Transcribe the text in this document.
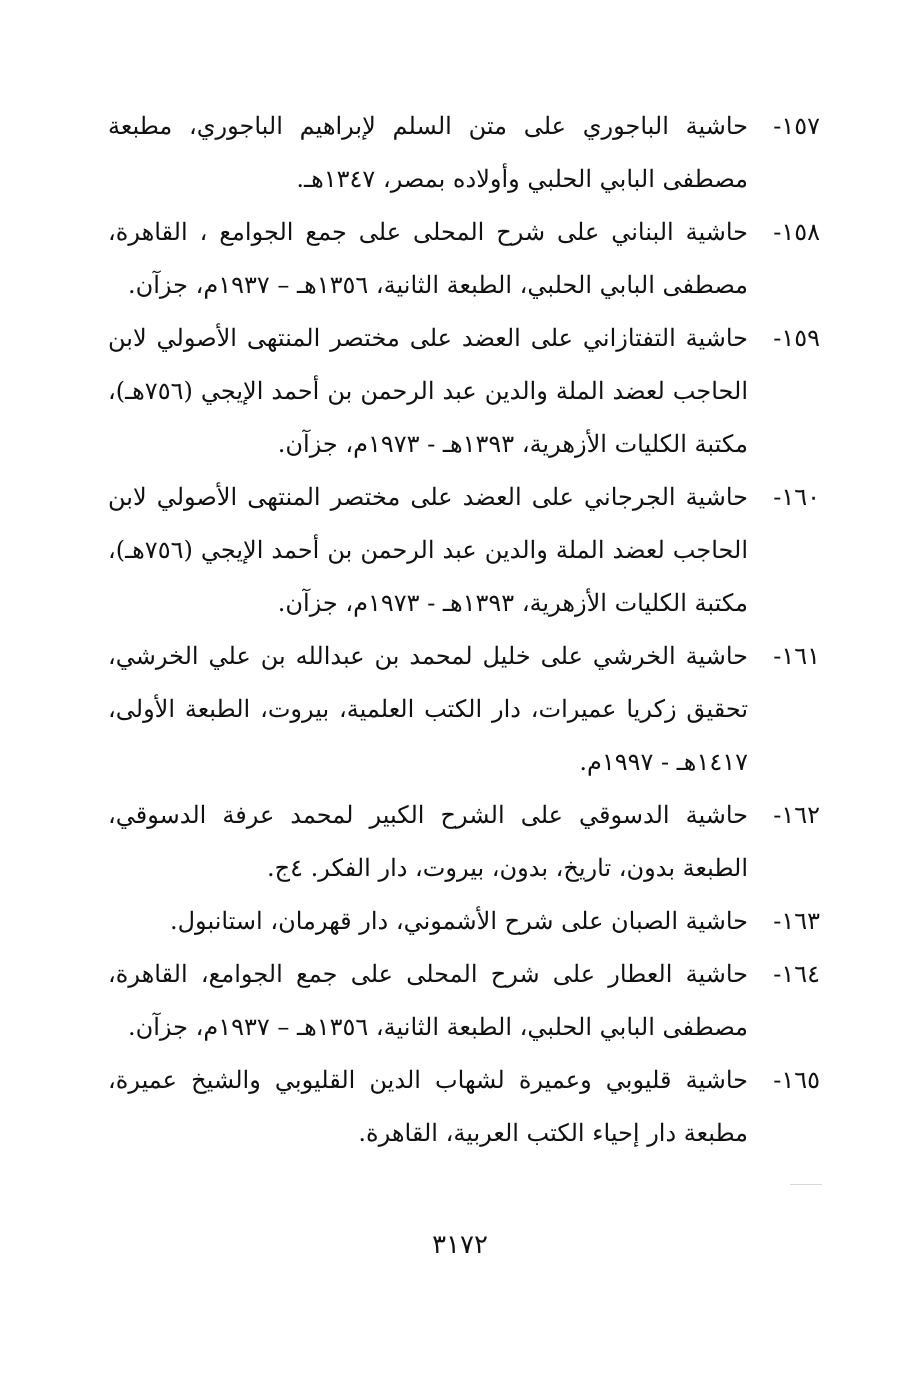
١٥٧-
حاشية الباجوري على متن السلم لإبراهيم الباجوري، مطبعة مصطفى البابي الحلبي وأولاده بمصر، ١٣٤٧هـ.
١٥٨-
حاشية البناني على شرح المحلى على جمع الجوامع ، القاهرة، مصطفى البابي الحلبي، الطبعة الثانية، ١٣٥٦هـ – ١٩٣٧م، جزآن.
١٥٩-
حاشية التفتازاني على العضد على مختصر المنتهى الأصولي لابن الحاجب لعضد الملة والدين عبد الرحمن بن أحمد الإيجي (٧٥٦هـ)، مكتبة الكليات الأزهرية، ١٣٩٣هـ - ١٩٧٣م، جزآن.
١٦٠-
حاشية الجرجاني على العضد على مختصر المنتهى الأصولي لابن الحاجب لعضد الملة والدين عبد الرحمن بن أحمد الإيجي (٧٥٦هـ)، مكتبة الكليات الأزهرية، ١٣٩٣هـ - ١٩٧٣م، جزآن.
١٦١-
حاشية الخرشي على خليل لمحمد بن عبدالله بن علي الخرشي، تحقيق زكريا عميرات، دار الكتب العلمية، بيروت، الطبعة الأولى، ١٤١٧هـ - ١٩٩٧م.
١٦٢-
حاشية الدسوقي على الشرح الكبير لمحمد عرفة الدسوقي، الطبعة بدون، تاريخ، بدون، بيروت، دار الفكر. ٤ج.
١٦٣-
حاشية الصبان على شرح الأشموني، دار قهرمان، استانبول.
١٦٤-
حاشية العطار على شرح المحلى على جمع الجوامع، القاهرة، مصطفى البابي الحلبي، الطبعة الثانية، ١٣٥٦هـ – ١٩٣٧م، جزآن.
١٦٥-
حاشية قليوبي وعميرة لشهاب الدين القليوبي والشيخ عميرة، مطبعة دار إحياء الكتب العربية، القاهرة.
٣١٧٢
